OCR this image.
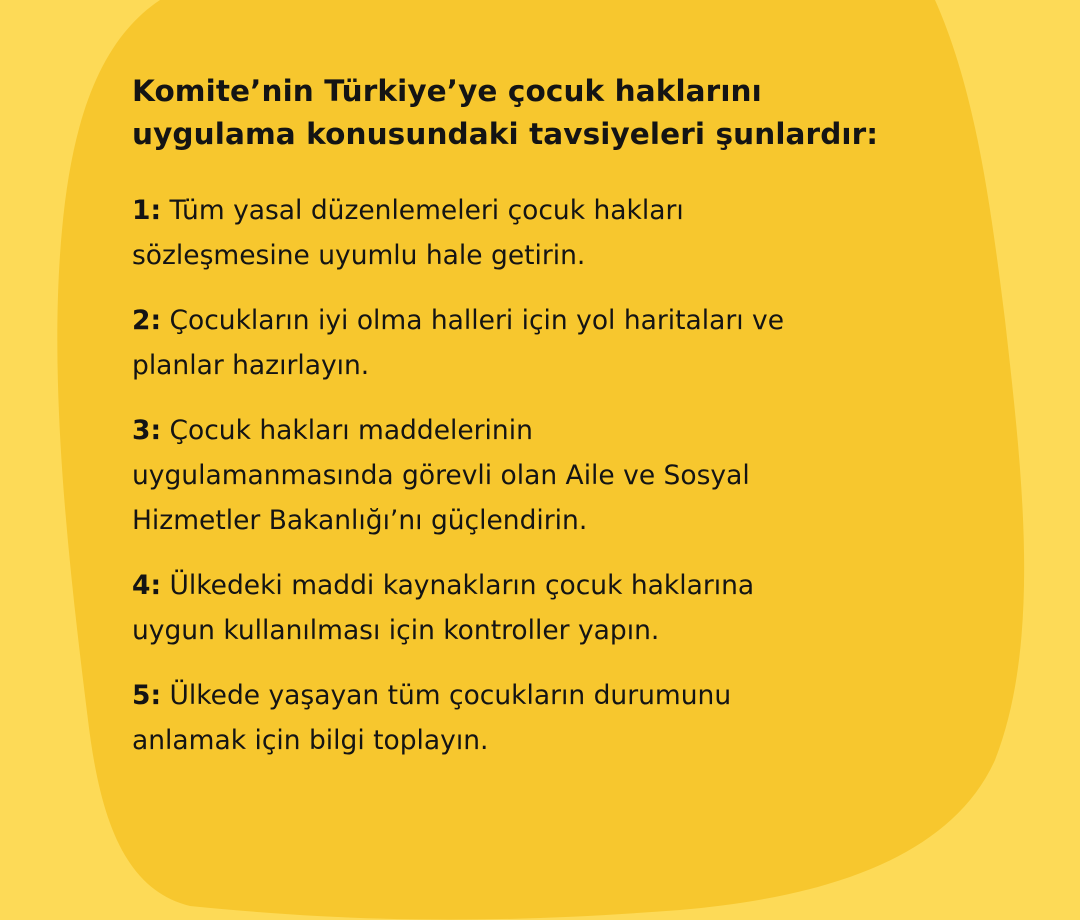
Komite’nin Türkiye’ye çocuk haklarını
uygulama konusundaki tavsiyeleri şunlardır:
1: Tüm yasal düzenlemeleri çocuk hakları
sözleşmesine uyumlu hale getirin.
2: Çocukların iyi olma halleri için yol haritaları ve
planlar hazırlayın.
3: Çocuk hakları maddelerinin
uygulamanmasında görevli olan Aile ve Sosyal
Hizmetler Bakanlığı’nı güçlendirin.
4: Ülkedeki maddi kaynakların çocuk haklarına
uygun kullanılması için kontroller yapın.
5: Ülkede yaşayan tüm çocukların durumunu
anlamak için bilgi toplayın.
